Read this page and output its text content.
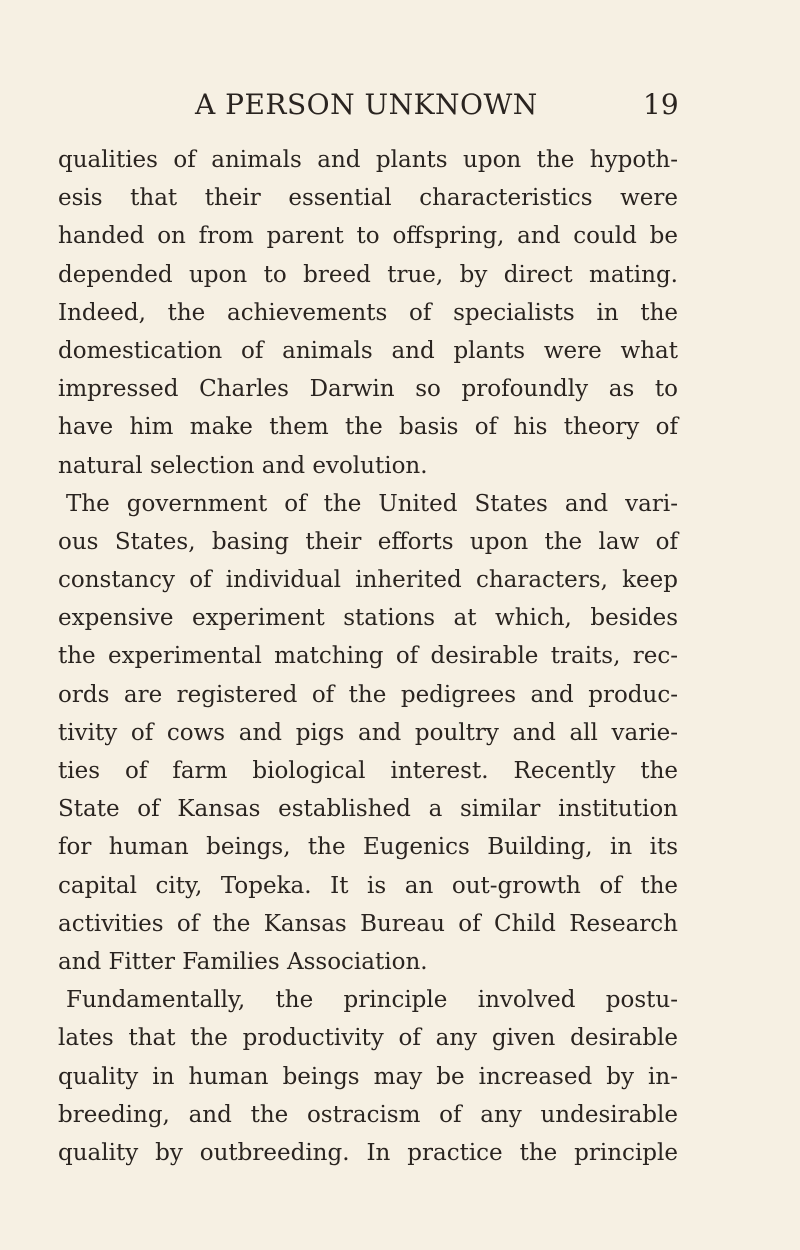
A PERSON UNKNOWN	19
qualities of animals and plants upon the hypoth-
esis that their essential characteristics were
handed on from parent to offspring, and could be
depended upon to breed true, by direct mating.
Indeed, the achievements of specialists in the
domestication of animals and plants were what
impressed Charles Darwin so profoundly as to
have him make them the basis of his theory of
natural selection and evolution.
The government of the United States and vari-
ous States, basing their efforts upon the law of
constancy of individual inherited characters, keep
expensive experiment stations at which, besides
the experimental matching of desirable traits, rec-
ords are registered of the pedigrees and produc-
tivity of cows and pigs and poultry and all varie-
ties of farm biological interest. Recently the
State of Kansas established a similar institution
for human beings, the Eugenics Building, in its
capital city, Topeka. It is an out-growth of the
activities of the Kansas Bureau of Child Research
and Fitter Families Association.
Fundamentally, the principle involved postu-
lates that the productivity of any given desirable
quality in human beings may be increased by in-
breeding, and the ostracism of any undesirable
quality by outbreeding. In practice the principle
